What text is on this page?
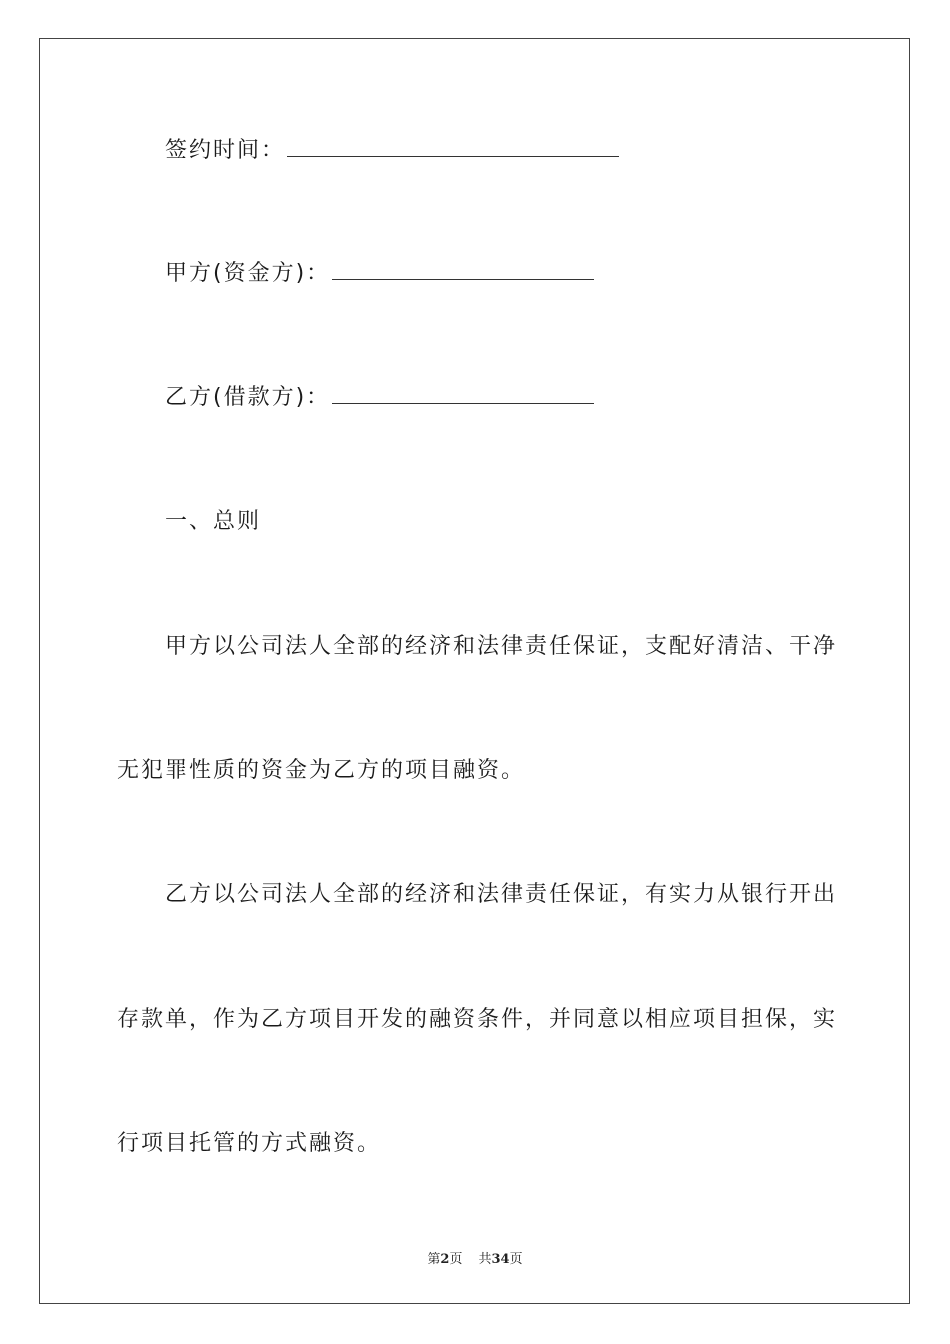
签约时间：
甲方(资金方)：
乙方(借款方)：
一、总则
甲方以公司法人全部的经济和法律责任保证，支配好清洁、干净
无犯罪性质的资金为乙方的项目融资。
乙方以公司法人全部的经济和法律责任保证，有实力从银行开出
存款单，作为乙方项目开发的融资条件，并同意以相应项目担保，实
行项目托管的方式融资。
第2页 共34页
